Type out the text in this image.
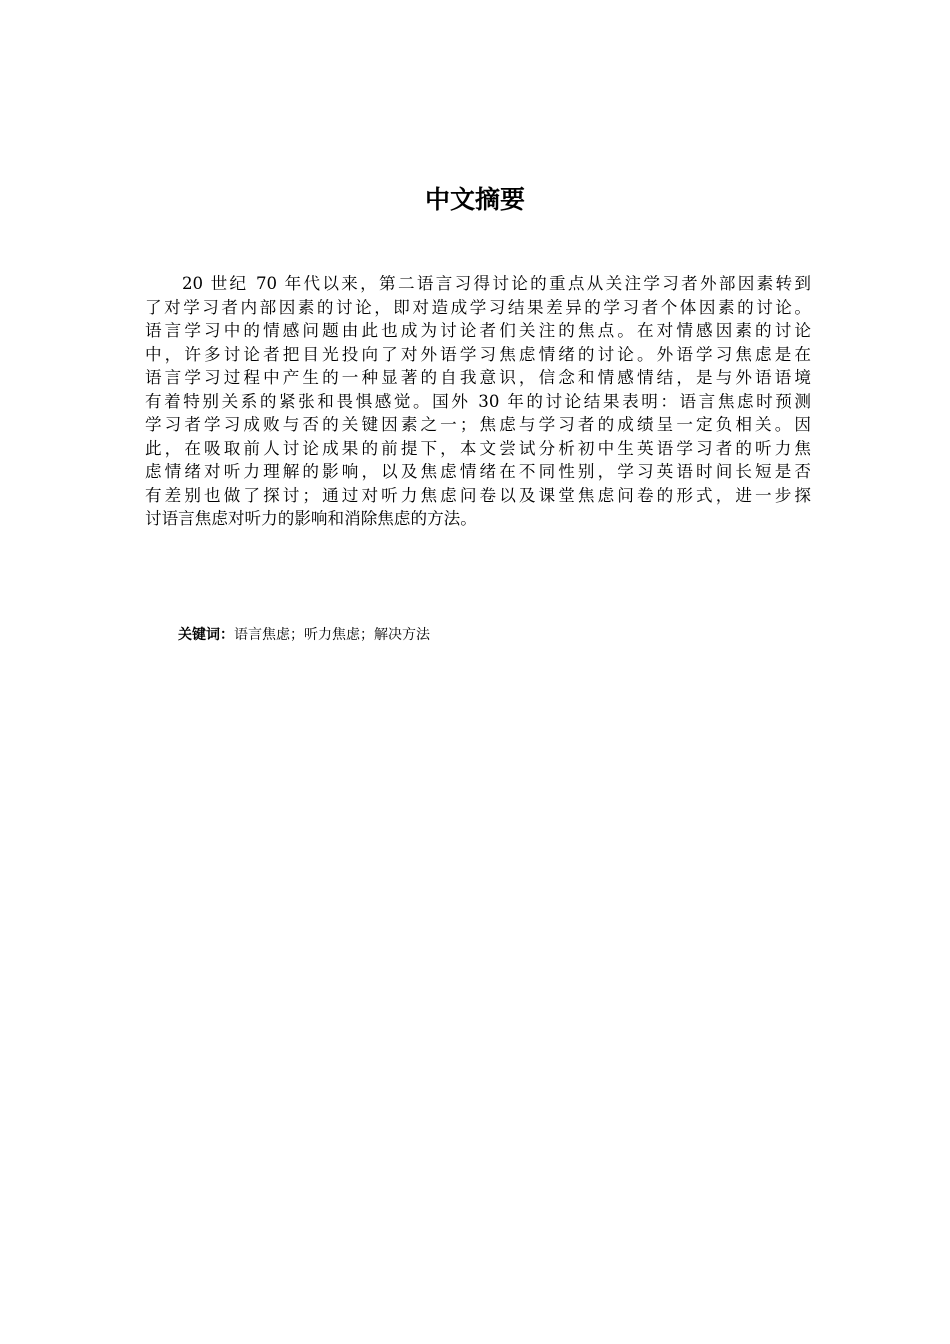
中文摘要
20 世纪 70 年代以来，第二语言习得讨论的重点从关注学习者外部因素转到
了对学习者内部因素的讨论，即对造成学习结果差异的学习者个体因素的讨论。
语言学习中的情感问题由此也成为讨论者们关注的焦点。在对情感因素的讨论
中，许多讨论者把目光投向了对外语学习焦虑情绪的讨论。外语学习焦虑是在
语言学习过程中产生的一种显著的自我意识，信念和情感情结，是与外语语境
有着特别关系的紧张和畏惧感觉。国外 30 年的讨论结果表明：语言焦虑时预测
学习者学习成败与否的关键因素之一；焦虑与学习者的成绩呈一定负相关。因
此，在吸取前人讨论成果的前提下，本文尝试分析初中生英语学习者的听力焦
虑情绪对听力理解的影响，以及焦虑情绪在不同性别，学习英语时间长短是否
有差别也做了探讨；通过对听力焦虑问卷以及课堂焦虑问卷的形式，进一步探
讨语言焦虑对听力的影响和消除焦虑的方法。

关键词：语言焦虑；听力焦虑；解决方法
